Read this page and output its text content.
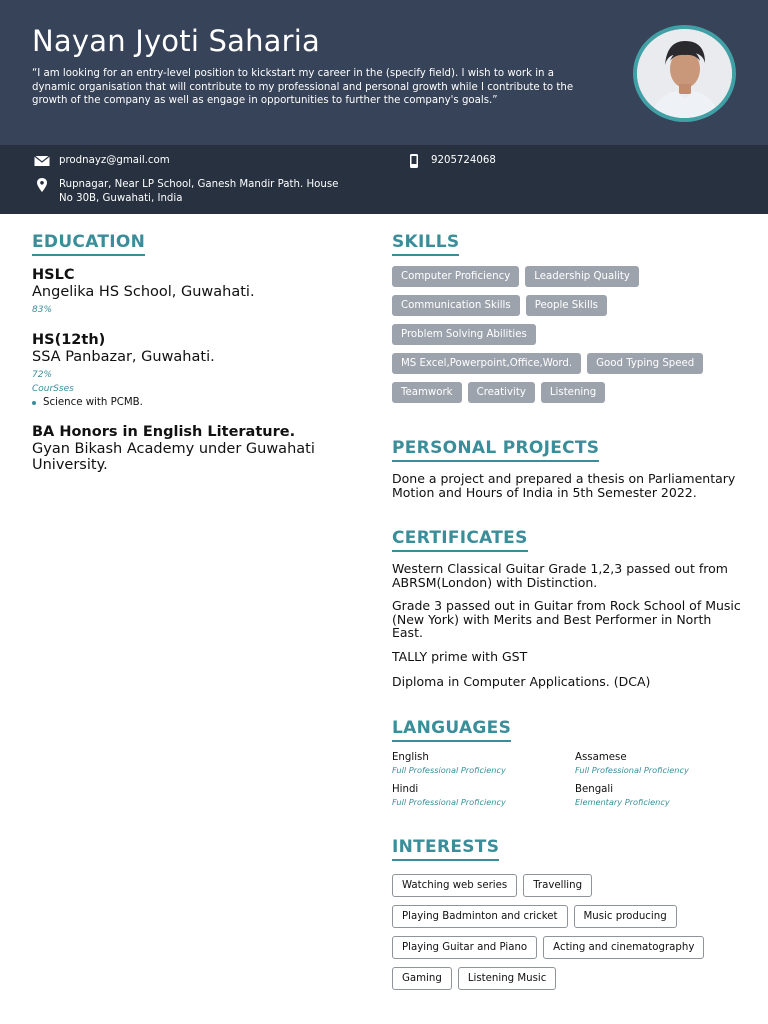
Nayan Jyoti Saharia
“I am looking for an entry-level position to kickstart my career in the (specify field). I wish to work in a dynamic organisation that will contribute to my professional and personal growth while I contribute to the growth of the company as well as engage in opportunities to further the company's goals.”
prodnayz@gmail.com	9205724068
Rupnagar, Near LP School, Ganesh Mandir Path. House No 30B, Guwahati, India
EDUCATION
HSLC
Angelika HS School, Guwahati.
83%
HS(12th)
SSA Panbazar, Guwahati.
72%
CourSses
Science with PCMB.
BA Honors in English Literature.
Gyan Bikash Academy under Guwahati University.
SKILLS
Computer Proficiency Leadership Quality
Communication Skills People Skills
Problem Solving Abilities
MS Excel,Powerpoint,Office,Word. Good Typing Speed
Teamwork Creativity Listening
PERSONAL PROJECTS
Done a project and prepared a thesis on Parliamentary Motion and Hours of India in 5th Semester 2022.
CERTIFICATES
Western Classical Guitar Grade 1,2,3 passed out from ABRSM(London) with Distinction.
Grade 3 passed out in Guitar from Rock School of Music (New York) with Merits and Best Performer in North East.
TALLY prime with GST
Diploma in Computer Applications. (DCA)
LANGUAGES
English
Full Professional Proficiency
Assamese
Full Professional Proficiency
Hindi
Full Professional Proficiency
Bengali
Elementary Proficiency
INTERESTS
Watching web series	Travelling
Playing Badminton and cricket	Music producing
Playing Guitar and Piano	Acting and cinematography
Gaming	Listening Music
